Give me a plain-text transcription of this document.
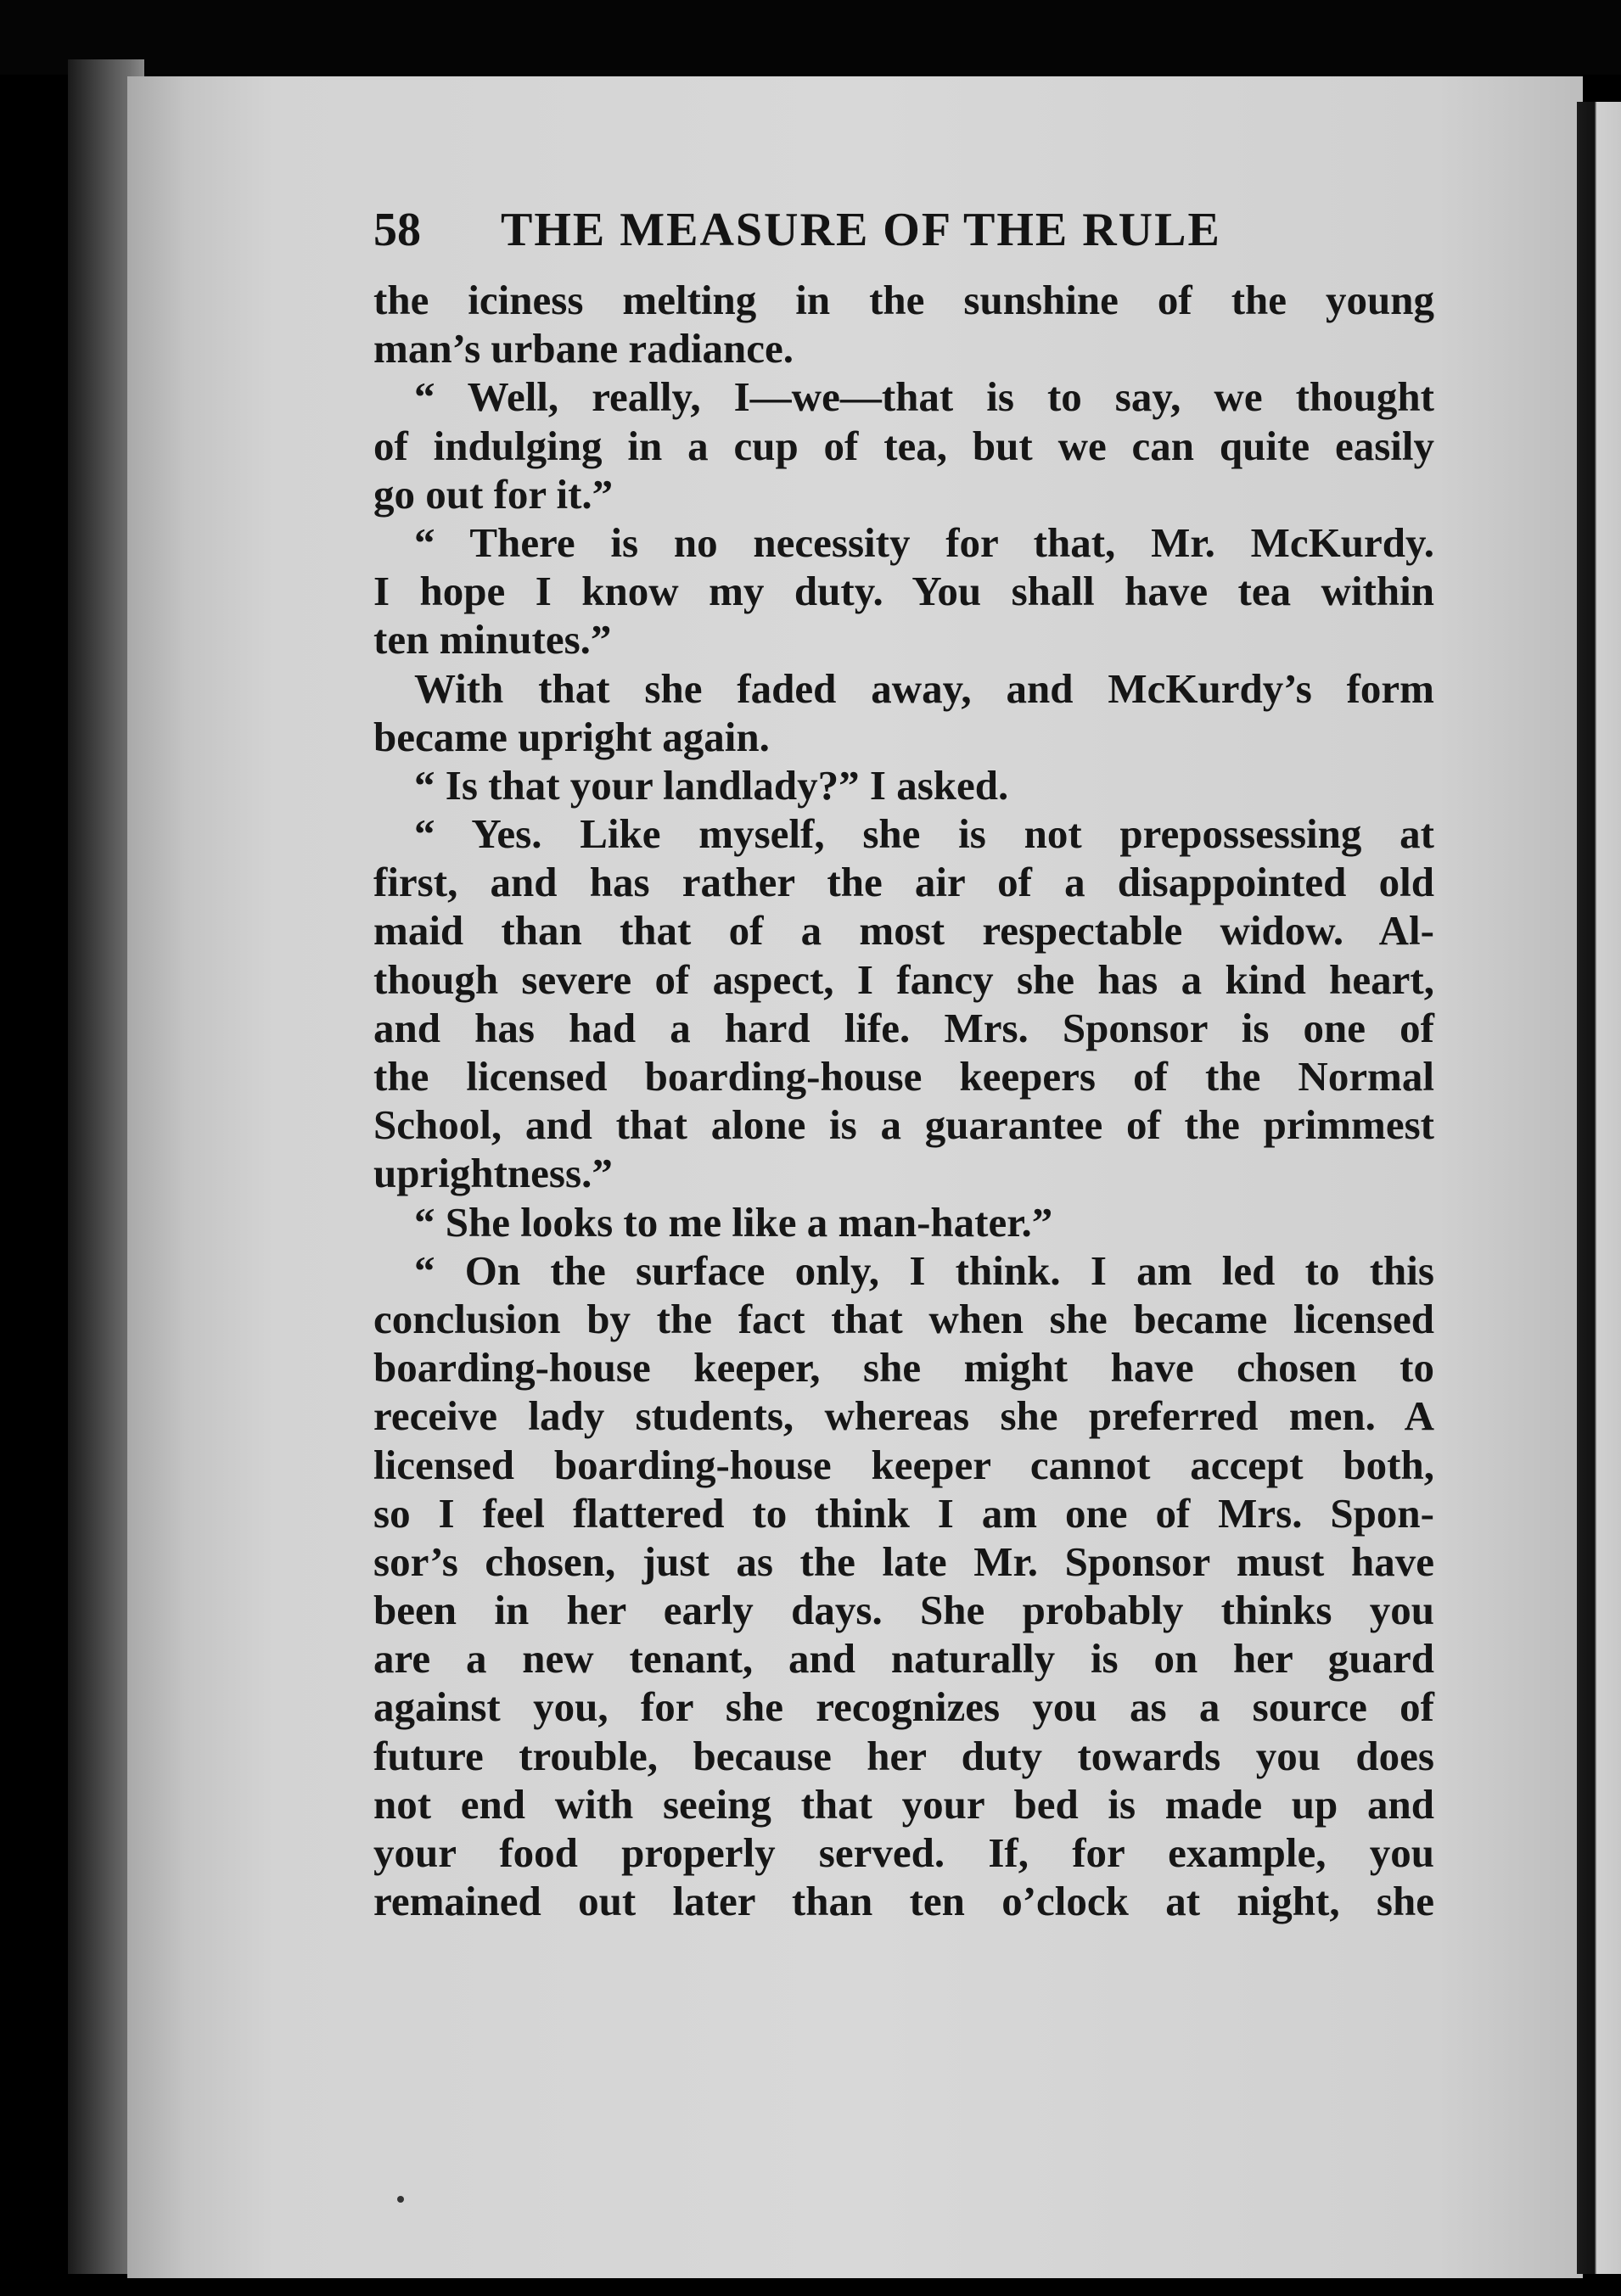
58 THE MEASURE OF THE RULE
the iciness melting in the sunshine of the young
man’s urbane radiance.
“ Well, really, I—we—that is to say, we thought
of indulging in a cup of tea, but we can quite easily
go out for it.”
“ There is no necessity for that, Mr. McKurdy.
I hope I know my duty. You shall have tea within
ten minutes.”
With that she faded away, and McKurdy’s form
became upright again.
“ Is that your landlady?” I asked.
“ Yes. Like myself, she is not prepossessing at
first, and has rather the air of a disappointed old
maid than that of a most respectable widow. Al-
though severe of aspect, I fancy she has a kind heart,
and has had a hard life. Mrs. Sponsor is one of
the licensed boarding-house keepers of the Normal
School, and that alone is a guarantee of the primmest
uprightness.”
“ She looks to me like a man-hater.”
“ On the surface only, I think. I am led to this
conclusion by the fact that when she became licensed
boarding-house keeper, she might have chosen to
receive lady students, whereas she preferred men. A
licensed boarding-house keeper cannot accept both,
so I feel flattered to think I am one of Mrs. Spon-
sor’s chosen, just as the late Mr. Sponsor must have
been in her early days. She probably thinks you
are a new tenant, and naturally is on her guard
against you, for she recognizes you as a source of
future trouble, because her duty towards you does
not end with seeing that your bed is made up and
your food properly served. If, for example, you
remained out later than ten o’clock at night, she
